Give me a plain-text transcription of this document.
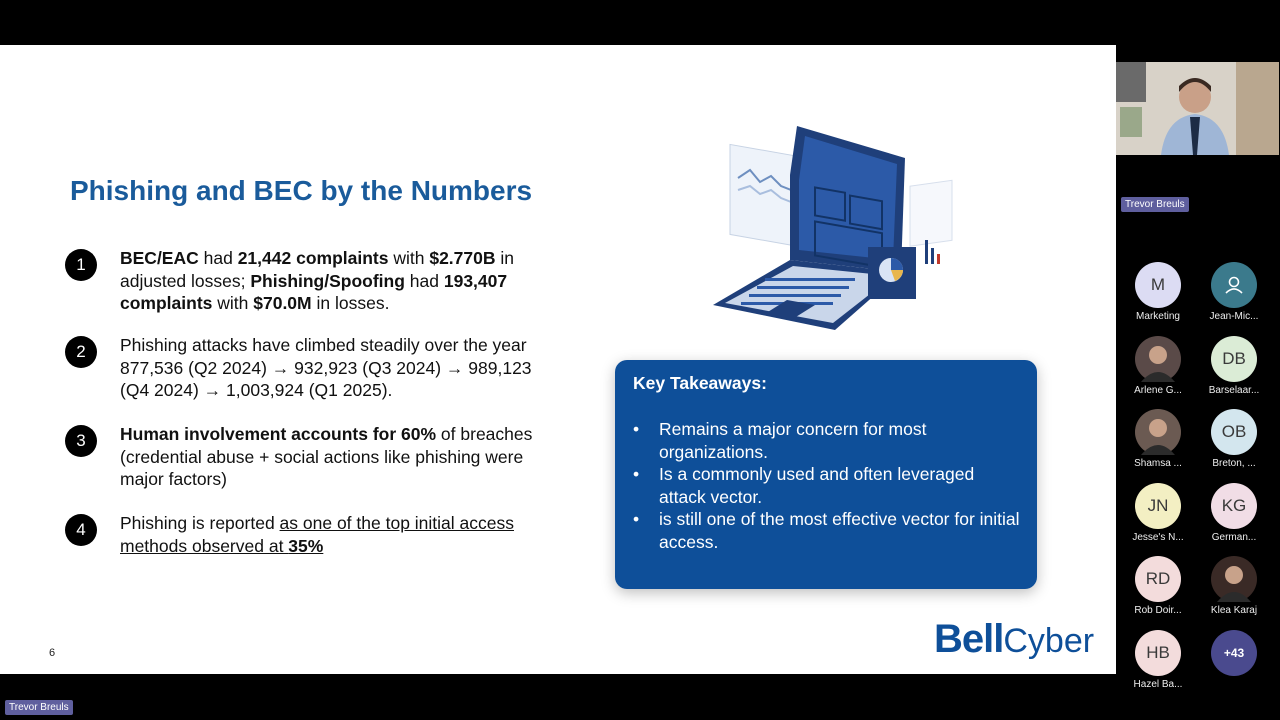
Phishing and BEC by the Numbers
1	BEC/EAC had 21,442 complaints with $2.770B in adjusted losses; Phishing/Spoofing had 193,407 complaints with $70.0M in losses.
2	Phishing attacks have climbed steadily over the year 877,536 (Q2 2024) → 932,923 (Q3 2024) → 989,123 (Q4 2024) → 1,003,924 (Q1 2025).
3	Human involvement accounts for 60% of breaches (credential abuse + social actions like phishing were major factors)
4	Phishing is reported as one of the top initial access methods observed at 35%
Key Takeaways:
• Remains a major concern for most organizations.
• Is a commonly used and often leveraged attack vector.
• is still one of the most effective vector for initial access.
6	BellCyber
Trevor Breuls
M
Marketing	Jean-Mic...
Arlene G...
DB
Barselaar...
Shamsa ...
OB
Breton, ...
JN
Jesse's N...
KG
German...
RD
Rob Doir...	Klea Karaj
HB
Hazel Ba...
+43
Trevor Breuls
